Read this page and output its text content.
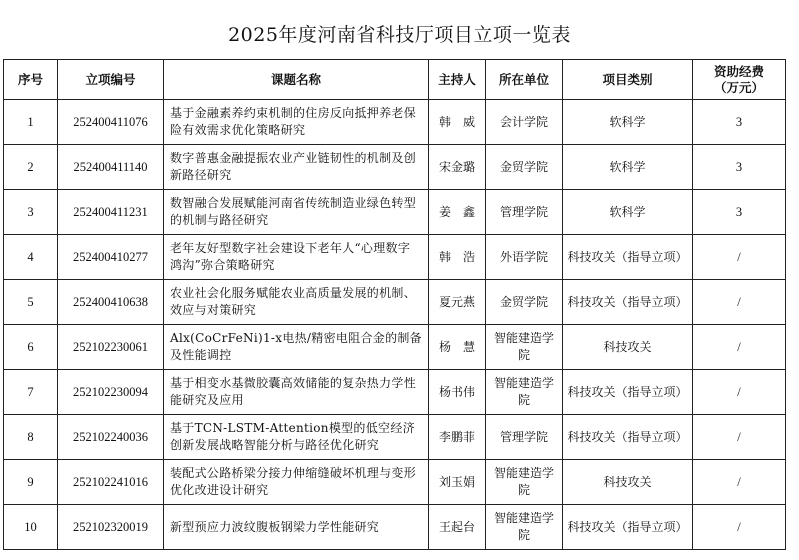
2025年度河南省科技厅项目立项一览表
序号	立项编号	课题名称	主持人	所在单位	项目类别	资助经费
（万元）

1	252400411076	基于金融素养约束机制的住房反向抵押养老保险有效需求优化策略研究	韩　威	会计学院	软科学	3
2	252400411140	数字普惠金融提振农业产业链韧性的机制及创新路径研究	宋金璐	金贸学院	软科学	3
3	252400411231	数智融合发展赋能河南省传统制造业绿色转型的机制与路径研究	姜　鑫	管理学院	软科学	3
4	252400410277	老年友好型数字社会建设下老年人“心理数字鸿沟”弥合策略研究	韩　浩	外语学院	科技攻关（指导立项）	/
5	252400410638	农业社会化服务赋能农业高质量发展的机制、效应与对策研究	夏元燕	金贸学院	科技攻关（指导立项）	/
6	252102230061	Alx(CoCrFeNi)1-x电热/精密电阻合金的制备及性能调控	杨　慧	智能建造学院	科技攻关	/
7	252102230094	基于相变水基微胶囊高效储能的复杂热力学性能研究及应用	杨书伟	智能建造学院	科技攻关（指导立项）	/
8	252102240036	基于TCN-LSTM-Attention模型的低空经济创新发展战略智能分析与路径优化研究	李鹏菲	管理学院	科技攻关（指导立项）	/
9	252102241016	装配式公路桥梁分接力伸缩缝破坏机理与变形优化改进设计研究	刘玉娟	智能建造学院	科技攻关	/
10	252102320019	新型预应力波纹腹板钢梁力学性能研究	王起台	智能建造学院	科技攻关（指导立项）	/
